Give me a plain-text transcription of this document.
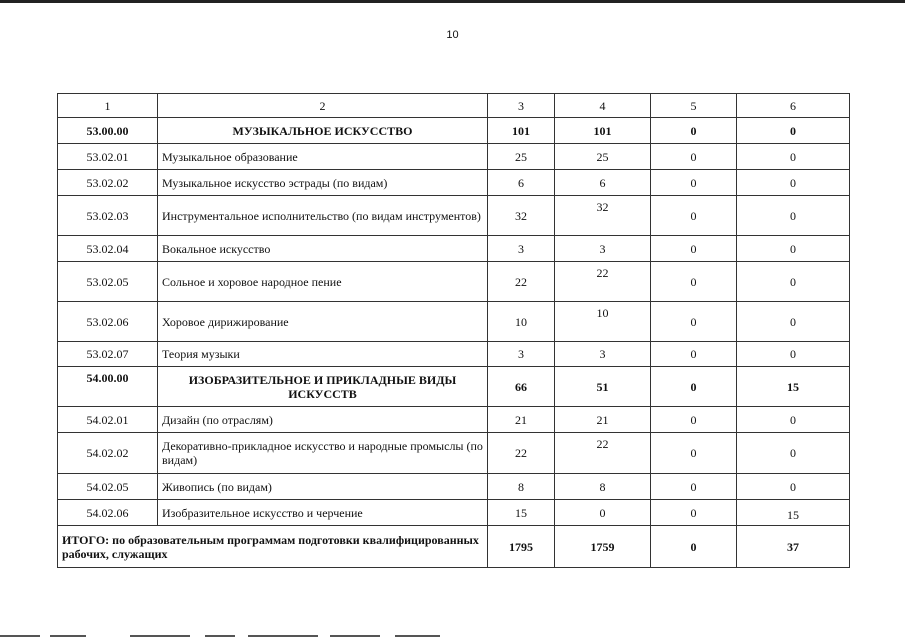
10
1	2	3	4	5	6
53.00.00	МУЗЫКАЛЬНОЕ ИСКУССТВО	101	101	0	0
53.02.01	Музыкальное образование	25	25	0	0
53.02.02	Музыкальное искусство эстрады (по видам)	6	6	0	0
53.02.03	Инструментальное исполнительство (по видам инструментов)	32	32	0	0
53.02.04	Вокальное искусство	3	3	0	0
53.02.05	Сольное и хоровое народное пение	22	22	0	0
53.02.06	Хоровое дирижирование	10	10	0	0
53.02.07	Теория музыки	3	3	0	0
54.00.00	ИЗОБРАЗИТЕЛЬНОЕ И ПРИКЛАДНЫЕ ВИДЫ ИСКУССТВ	66	51	0	15
54.02.01	Дизайн (по отраслям)	21	21	0	0
54.02.02	Декоративно-прикладное искусство и народные промыслы (по видам)	22	22	0	0
54.02.05	Живопись (по видам)	8	8	0	0
54.02.06	Изобразительное искусство и черчение	15	0	0	15
ИТОГО: по образовательным программам подготовки квалифицированных рабочих, служащих		1795	1759	0	37
